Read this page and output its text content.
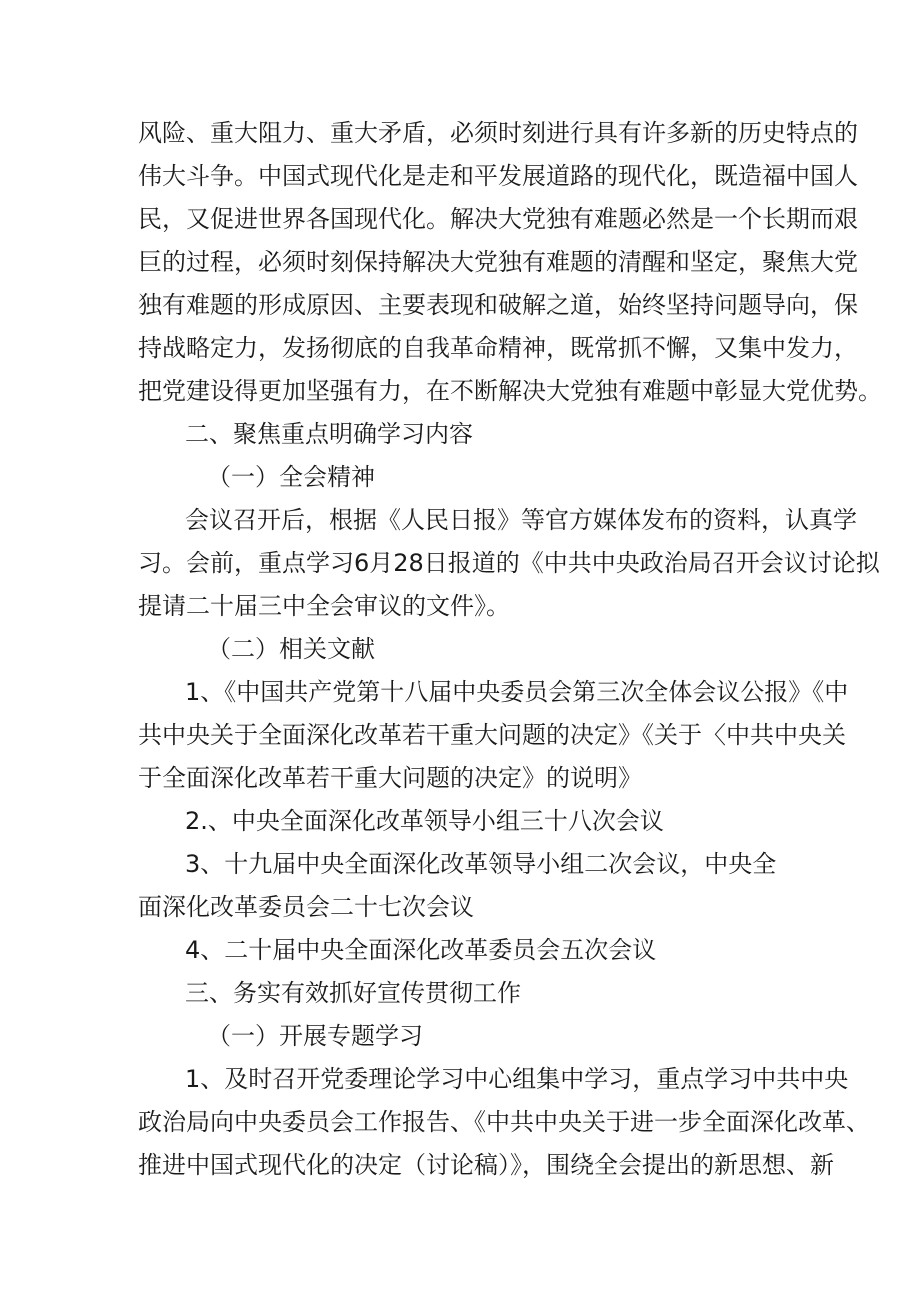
风险、重大阻力、重大矛盾，必须时刻进行具有许多新的历史特点的

伟大斗争。中国式现代化是走和平发展道路的现代化，既造福中国人

民，又促进世界各国现代化。解决大党独有难题必然是一个长期而艰

巨的过程，必须时刻保持解决大党独有难题的清醒和坚定，聚焦大党

独有难题的形成原因、主要表现和破解之道，始终坚持问题导向，保

持战略定力，发扬彻底的自我革命精神，既常抓不懈，又集中发力，

把党建设得更加坚强有力，在不断解决大党独有难题中彰显大党优势。

二、聚焦重点明确学习内容

（一）全会精神

会议召开后，根据《人民日报》等官方媒体发布的资料，认真学

习。会前，重点学习6月28日报道的《中共中央政治局召开会议讨论拟

提请二十届三中全会审议的文件》。

（二）相关文献

1、《中国共产党第十八届中央委员会第三次全体会议公报》《中

共中央关于全面深化改革若干重大问题的决定》《关于〈中共中央关

于全面深化改革若干重大问题的决定》的说明》

2.、中央全面深化改革领导小组三十八次会议

3、十九届中央全面深化改革领导小组二次会议，中央全

面深化改革委员会二十七次会议

4、二十届中央全面深化改革委员会五次会议

三、务实有效抓好宣传贯彻工作

（一）开展专题学习

1、及时召开党委理论学习中心组集中学习，重点学习中共中央

政治局向中央委员会工作报告、《中共中央关于进一步全面深化改革、

推进中国式现代化的决定（讨论稿）》，围绕全会提出的新思想、新
